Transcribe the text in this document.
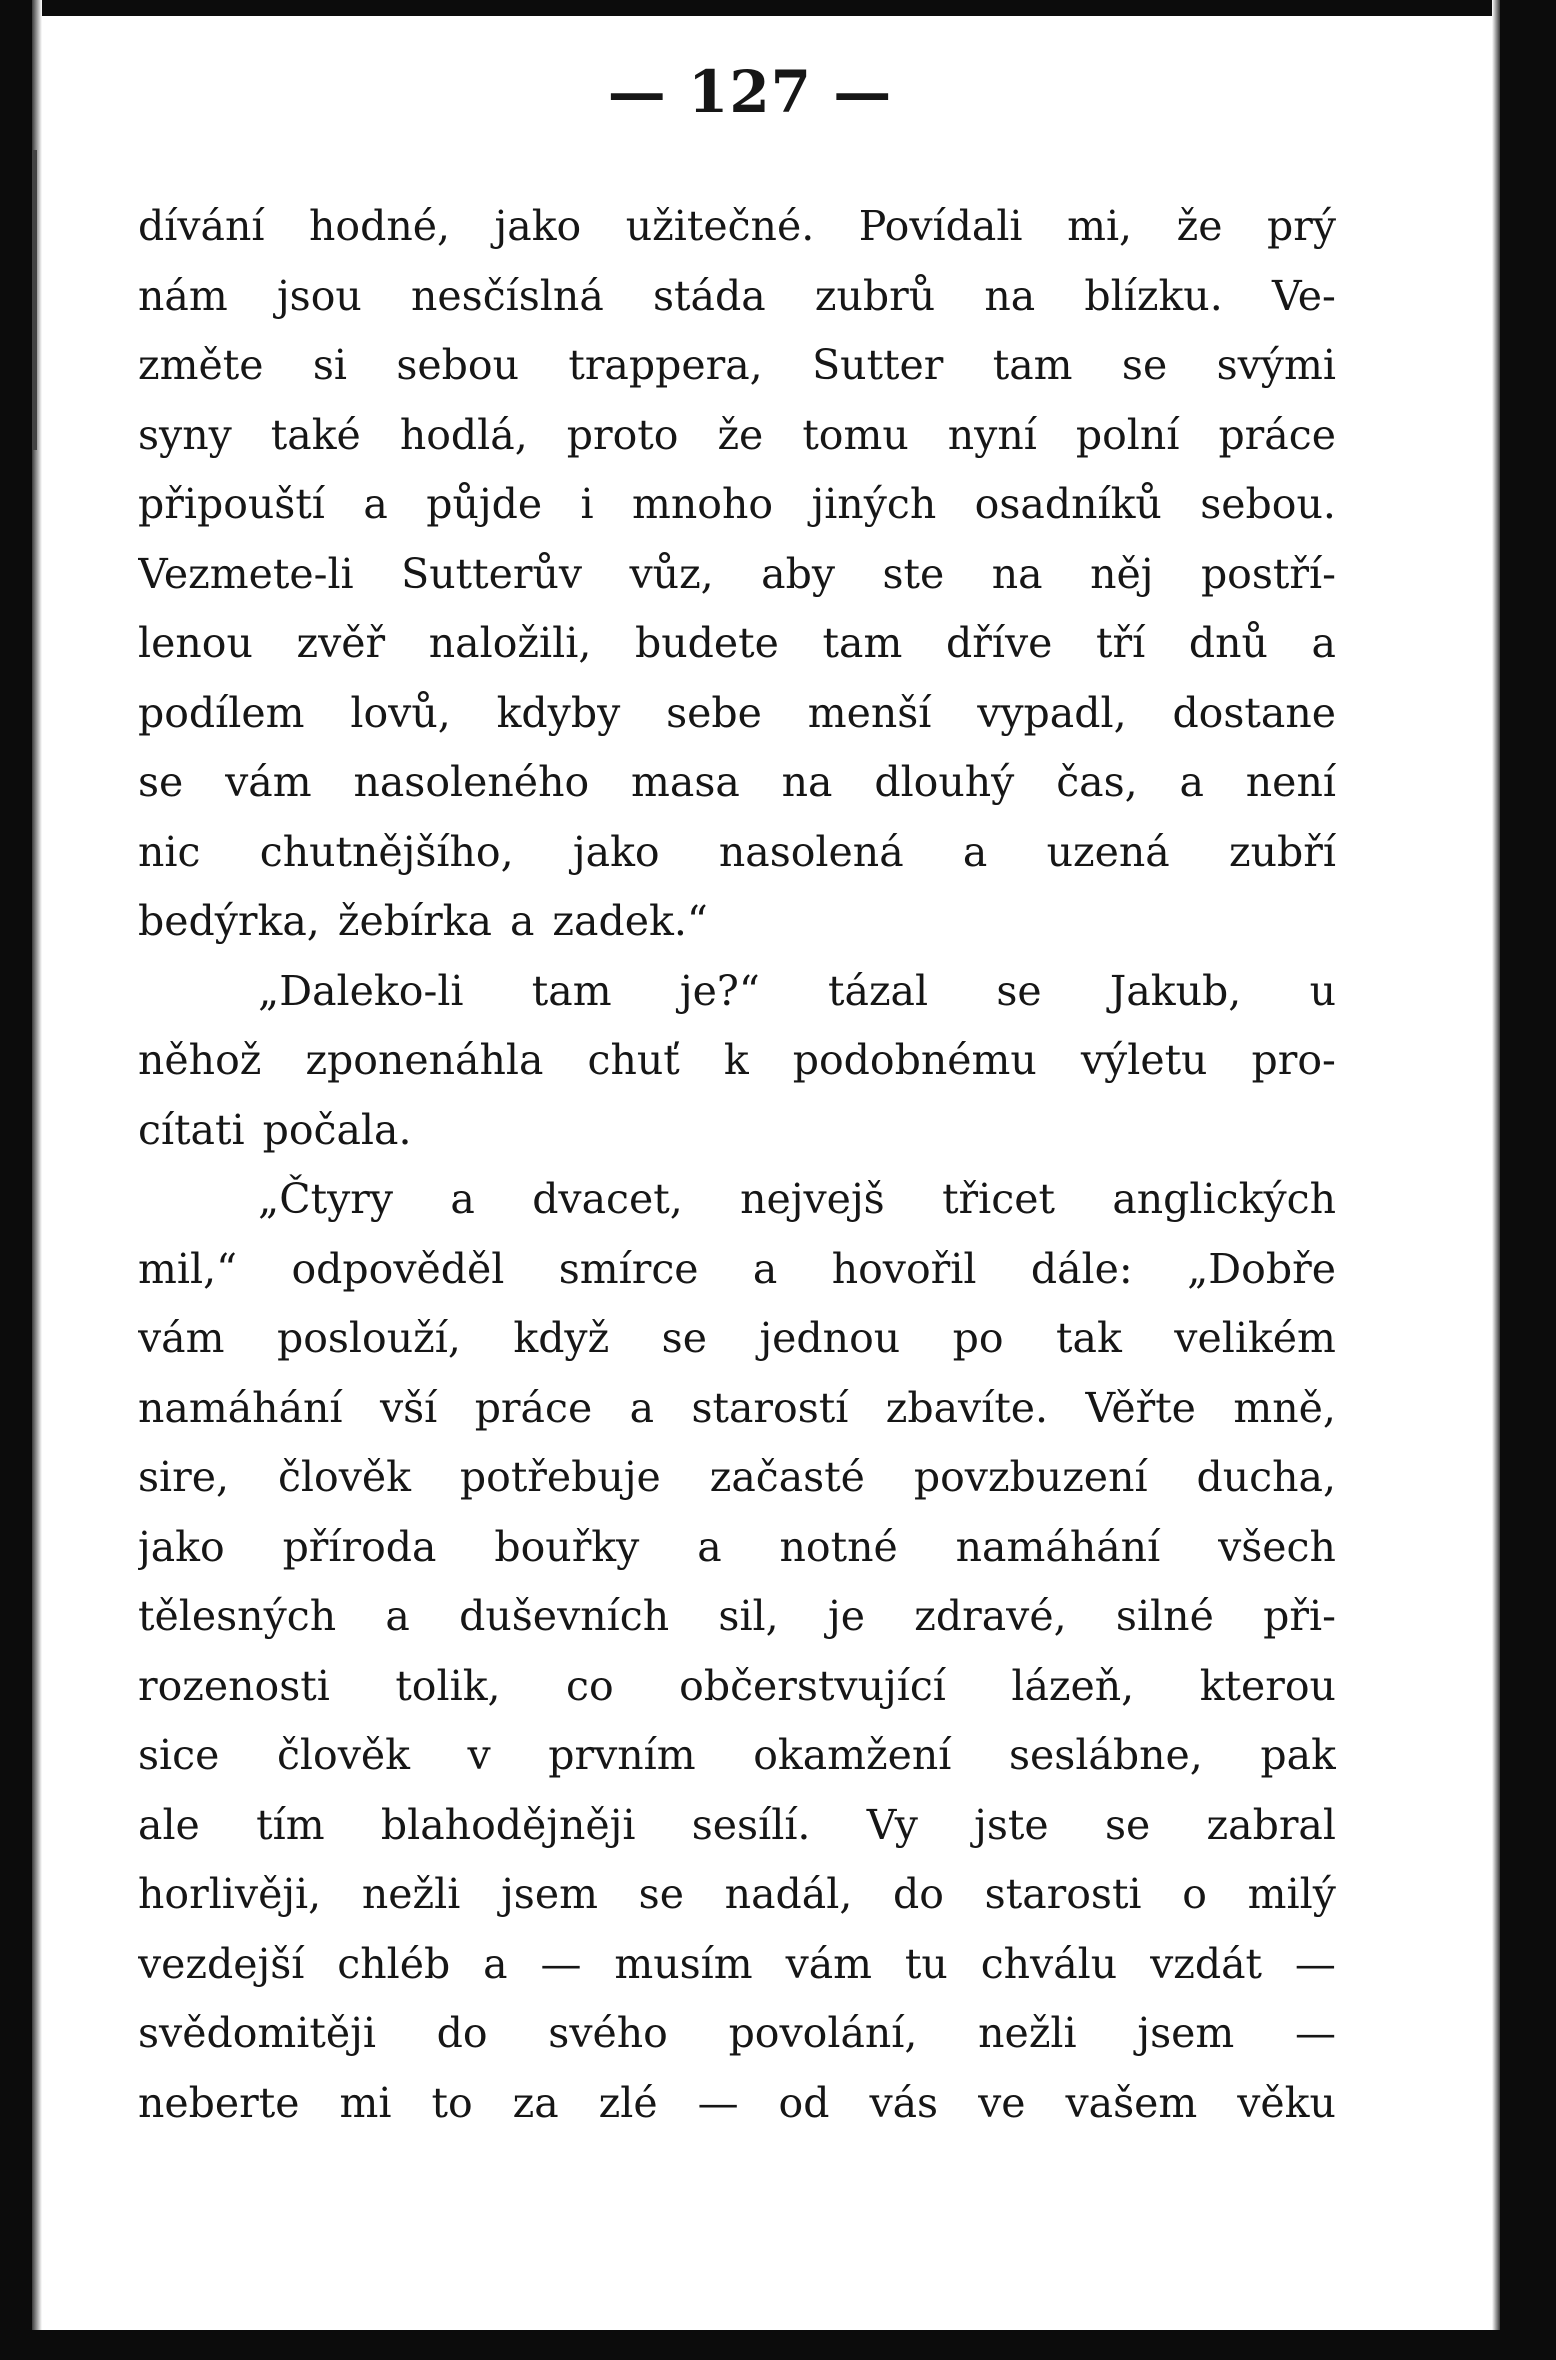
— 127 —
dívání hodné, jako užitečné. Povídali mi, že prý
nám jsou nesčíslná stáda zubrů na blízku. Ve-
změte si sebou trappera, Sutter tam se svými
syny také hodlá, proto že tomu nyní polní práce
připouští a půjde i mnoho jiných osadníků sebou.
Vezmete-li Sutterův vůz, aby ste na něj postří-
lenou zvěř naložili, budete tam dříve tří dnů a
podílem lovů, kdyby sebe menší vypadl, dostane
se vám nasoleného masa na dlouhý čas, a není
nic chutnějšího, jako nasolená a uzená zubří
bedýrka, žebírka a zadek.“
„Daleko-li tam je?“ tázal se Jakub, u
něhož zponenáhla chuť k podobnému výletu pro-
cítati počala.
„Čtyry a dvacet, nejvejš třicet anglických
mil,“ odpověděl smírce a hovořil dále: „Dobře
vám poslouží, když se jednou po tak velikém
namáhání vší práce a starostí zbavíte. Věřte mně,
sire, člověk potřebuje začasté povzbuzení ducha,
jako příroda bouřky a notné namáhání všech
tělesných a duševních sil, je zdravé, silné při-
rozenosti tolik, co občerstvující lázeň, kterou
sice člověk v prvním okamžení seslábne, pak
ale tím blahodějněji sesílí. Vy jste se zabral
horlivěji, nežli jsem se nadál, do starosti o milý
vezdejší chléb a — musím vám tu chválu vzdát —
svědomitěji do svého povolání, nežli jsem —
neberte mi to za zlé — od vás ve vašem věku
